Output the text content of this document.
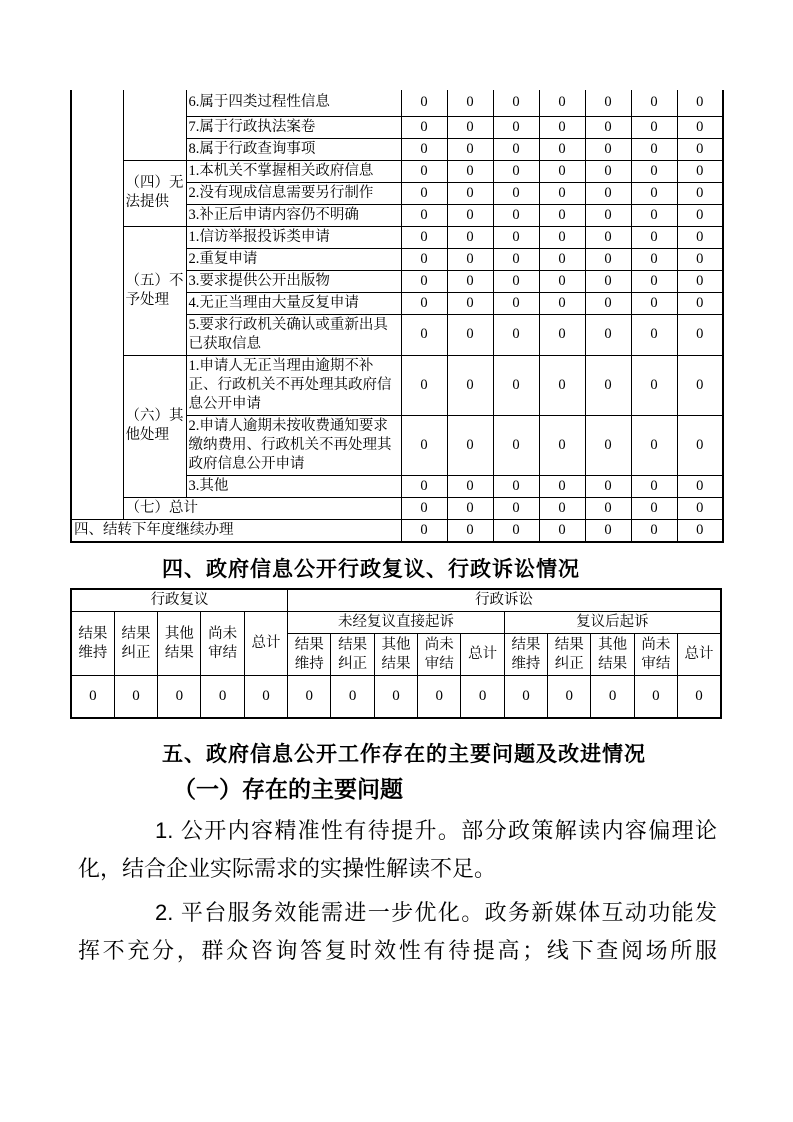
		6.属于四类过程性信息	0	0	0	0	0	0	0
		7.属于行政执法案卷	0	0	0	0	0	0	0
		8.属于行政查询事项	0	0	0	0	0	0	0
	（四）无法提供	1.本机关不掌握相关政府信息	0	0	0	0	0	0	0
		2.没有现成信息需要另行制作	0	0	0	0	0	0	0
		3.补正后申请内容仍不明确	0	0	0	0	0	0	0
	（五）不予处理	1.信访举报投诉类申请	0	0	0	0	0	0	0
		2.重复申请	0	0	0	0	0	0	0
		3.要求提供公开出版物	0	0	0	0	0	0	0
		4.无正当理由大量反复申请	0	0	0	0	0	0	0
		5.要求行政机关确认或重新出具已获取信息	0	0	0	0	0	0	0
	（六）其他处理	1.申请人无正当理由逾期不补正、行政机关不再处理其政府信息公开申请	0	0	0	0	0	0	0
		2.申请人逾期未按收费通知要求缴纳费用、行政机关不再处理其政府信息公开申请	0	0	0	0	0	0	0
		3.其他	0	0	0	0	0	0	0
	（七）总计		0	0	0	0	0	0	0
四、结转下年度继续办理			0	0	0	0	0	0	0
四、政府信息公开行政复议、行政诉讼情况
行政复议					行政诉讼									
结果维持	结果纠正	其他结果	尚未审结	总计	未经复议直接起诉					复议后起诉				
					结果维持	结果纠正	其他结果	尚未审结	总计	结果维持	结果纠正	其他结果	尚未审结	总计
0	0	0	0	0	0	0	0	0	0	0	0	0	0	0
五、政府信息公开工作存在的主要问题及改进情况
（一）存在的主要问题
1. 公开内容精准性有待提升。部分政策解读内容偏理论
化，结合企业实际需求的实操性解读不足。
2. 平台服务效能需进一步优化。政务新媒体互动功能发
挥不充分，群众咨询答复时效性有待提高；线下查阅场所服
